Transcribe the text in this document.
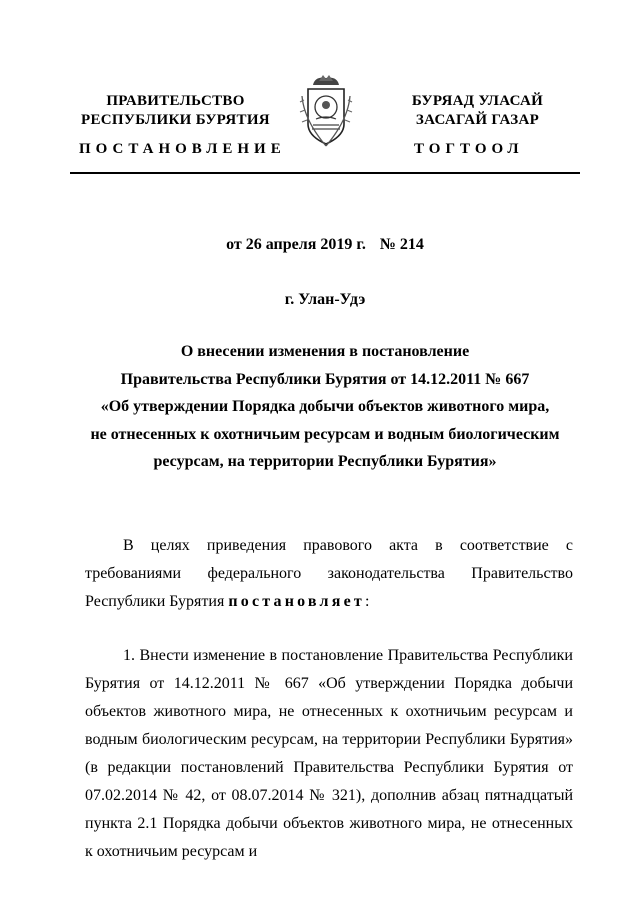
ПРАВИТЕЛЬСТВО
РЕСПУБЛИКИ БУРЯТИЯ
БУРЯАД УЛАСАЙ
ЗАСАГАЙ ГАЗАР
ПОСТАНОВЛЕНИЕ	ТОГТООЛ
от 26 апреля 2019 г. № 214
г. Улан-Удэ
О внесении изменения в постановление
Правительства Республики Бурятия от 14.12.2011 № 667
«Об утверждении Порядка добычи объектов животного мира,
не отнесенных к охотничьим ресурсам и водным биологическим
ресурсам, на территории Республики Бурятия»
В целях приведения правового акта в соответствие с требованиями федерального законодательства Правительство Республики Бурятия постановляет:
1. Внести изменение в постановление Правительства Республики Бурятия от 14.12.2011 № 667 «Об утверждении Порядка добычи объектов животного мира, не отнесенных к охотничьим ресурсам и водным биологическим ресурсам, на территории Республики Бурятия» (в редакции постановлений Правительства Республики Бурятия от 07.02.2014 № 42, от 08.07.2014 № 321), дополнив абзац пятнадцатый пункта 2.1 Порядка добычи объектов животного мира, не отнесенных к охотничьим ресурсам и
